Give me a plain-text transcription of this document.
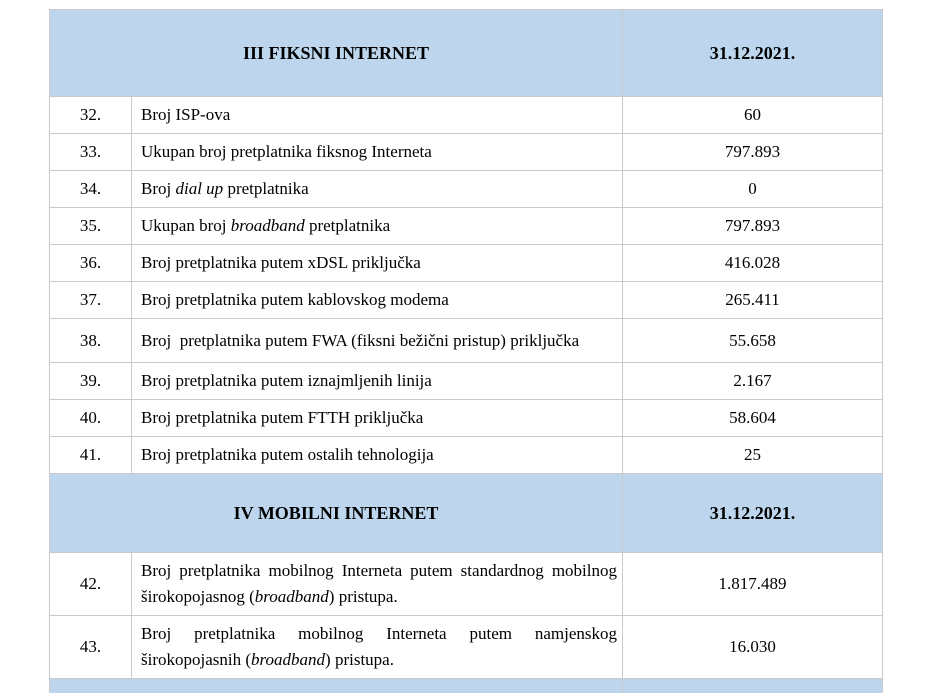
III FIKSNI INTERNET		31.12.2021.
32.	Broj ISP-ova	60
33.	Ukupan broj pretplatnika fiksnog Interneta	797.893
34.	Broj dial up pretplatnika	0
35.	Ukupan broj broadband pretplatnika	797.893
36.	Broj pretplatnika putem xDSL priključka	416.028
37.	Broj pretplatnika putem kablovskog modema	265.411
38.	Broj  pretplatnika putem FWA (fiksni bežični pristup) priključka	55.658
39.	Broj pretplatnika putem iznajmljenih linija	2.167
40.	Broj pretplatnika putem FTTH priključka	58.604
41.	Broj pretplatnika putem ostalih tehnologija	25
IV MOBILNI INTERNET		31.12.2021.
42.	Broj pretplatnika mobilnog Interneta putem standardnog mobilnog širokopojasnog (broadband) pristupa.	1.817.489
43.	Broj pretplatnika mobilnog Interneta putem namjenskog širokopojasnih (broadband) pristupa.	16.030
